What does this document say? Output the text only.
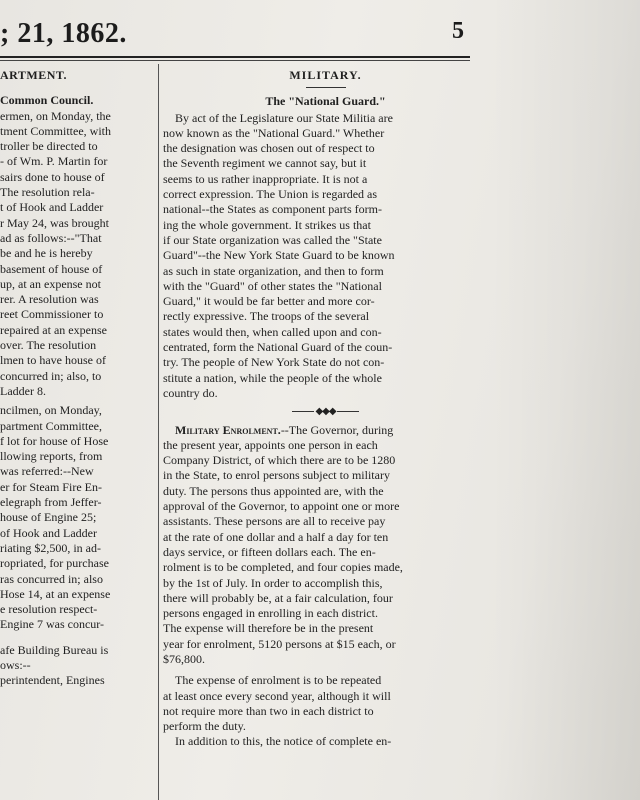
; 21, 1862.	5
ARTMENT.
Common Council.
ermen, on Monday, the
tment Committee, with
troller be directed to
- of Wm. P. Martin for
sairs done to house of
The resolution rela-
t of Hook and Ladder
r May 24, was brought
ad as follows:--"That
be and he is hereby
basement of house of
up, at an expense not
rer. A resolution was
reet Commissioner to
repaired at an expense
over. The resolution
lmen to have house of
concurred in; also, to
Ladder 8.
ncilmen, on Monday,
partment Committee,
f lot for house of Hose
llowing reports, from
was referred:--New
er for Steam Fire En-
elegraph from Jeffer-
house of Engine 25;
of Hook and Ladder
riating $2,500, in ad-
ropriated, for purchase
ras concurred in; also
Hose 14, at an expense
e resolution respect-
Engine 7 was concur-
afe Building Bureau is
ows:--
perintendent, Engines
MILITARY.
The "National Guard."
By act of the Legislature our State Militia are
now known as the "National Guard." Whether
the designation was chosen out of respect to
the Seventh regiment we cannot say, but it
seems to us rather inappropriate. It is not a
correct expression. The Union is regarded as
national--the States as component parts form-
ing the whole government. It strikes us that
if our State organization was called the "State
Guard"--the New York State Guard to be known
as such in state organization, and then to form
with the "Guard" of other states the "National
Guard," it would be far better and more cor-
rectly expressive. The troops of the several
states would then, when called upon and con-
centrated, form the National Guard of the coun-
try. The people of New York State do not con-
stitute a nation, while the people of the whole
country do.
◆◆◆
Military Enrolment.--The Governor, during
the present year, appoints one person in each
Company District, of which there are to be 1280
in the State, to enrol persons subject to military
duty. The persons thus appointed are, with the
approval of the Governor, to appoint one or more
assistants. These persons are all to receive pay
at the rate of one dollar and a half a day for ten
days service, or fifteen dollars each. The en-
rolment is to be completed, and four copies made,
by the 1st of July. In order to accomplish this,
there will probably be, at a fair calculation, four
persons engaged in enrolling in each district.
The expense will therefore be in the present
year for enrolment, 5120 persons at $15 each, or
$76,800.
The expense of enrolment is to be repeated
at least once every second year, although it will
not require more than two in each district to
perform the duty.
In addition to this, the notice of complete en-
